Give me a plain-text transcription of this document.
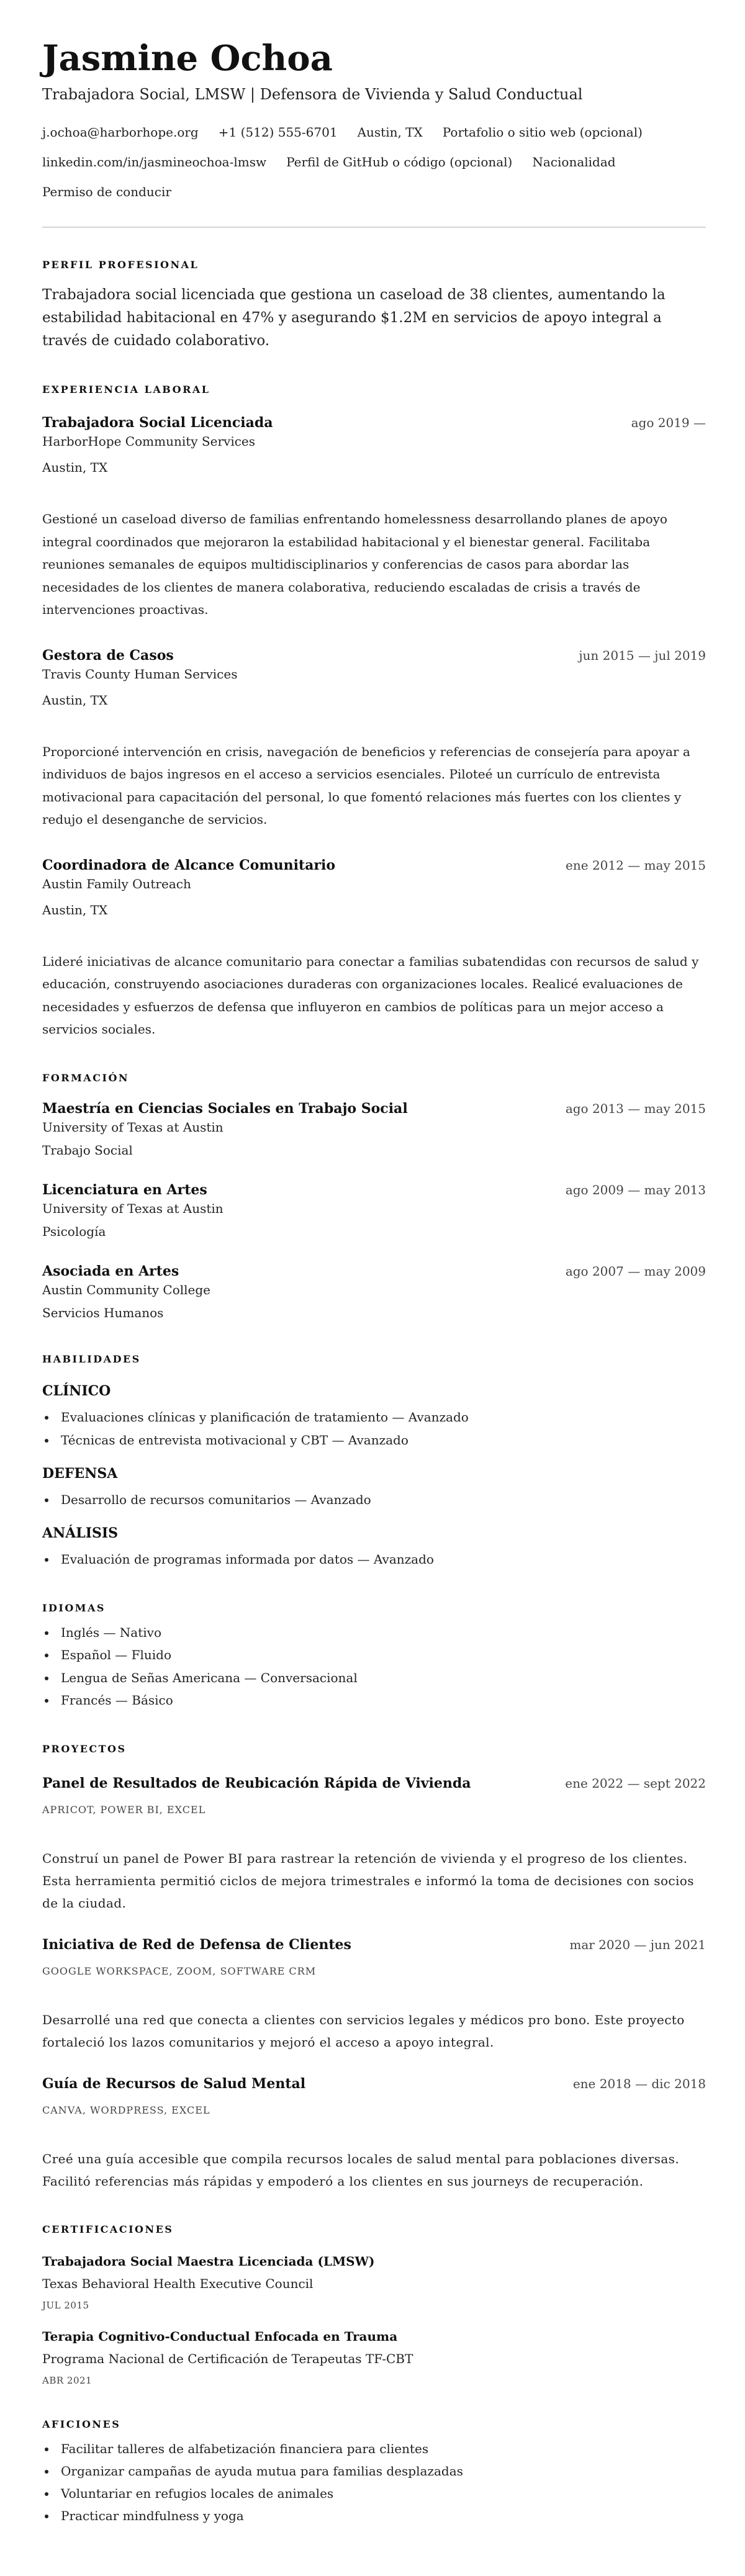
Jasmine Ochoa
Trabajadora Social, LMSW | Defensora de Vivienda y Salud Conductual
j.ochoa@harborhope.org +1 (512) 555-6701 Austin, TX Portafolio o sitio web (opcional)
linkedin.com/in/jasmineochoa-lmsw Perfil de GitHub o código (opcional) Nacionalidad
Permiso de conducir
PERFIL PROFESIONAL
Trabajadora social licenciada que gestiona un caseload de 38 clientes, aumentando la estabilidad habitacional en 47% y asegurando $1.2M en servicios de apoyo integral a través de cuidado colaborativo.
EXPERIENCIA LABORAL
Trabajadora Social Licenciada	ago 2019 —
HarborHope Community Services
Austin, TX
Gestioné un caseload diverso de familias enfrentando homelessness desarrollando planes de apoyo integral coordinados que mejoraron la estabilidad habitacional y el bienestar general. Facilitaba reuniones semanales de equipos multidisciplinarios y conferencias de casos para abordar las necesidades de los clientes de manera colaborativa, reduciendo escaladas de crisis a través de intervenciones proactivas.
Gestora de Casos	jun 2015 — jul 2019
Travis County Human Services
Austin, TX
Proporcioné intervención en crisis, navegación de beneficios y referencias de consejería para apoyar a individuos de bajos ingresos en el acceso a servicios esenciales. Piloteé un currículo de entrevista motivacional para capacitación del personal, lo que fomentó relaciones más fuertes con los clientes y redujo el desenganche de servicios.
Coordinadora de Alcance Comunitario	ene 2012 — may 2015
Austin Family Outreach
Austin, TX
Lideré iniciativas de alcance comunitario para conectar a familias subatendidas con recursos de salud y educación, construyendo asociaciones duraderas con organizaciones locales. Realicé evaluaciones de necesidades y esfuerzos de defensa que influyeron en cambios de políticas para un mejor acceso a servicios sociales.
FORMACIÓN
Maestría en Ciencias Sociales en Trabajo Social	ago 2013 — may 2015
University of Texas at Austin
Trabajo Social
Licenciatura en Artes	ago 2009 — may 2013
University of Texas at Austin
Psicología
Asociada en Artes	ago 2007 — may 2009
Austin Community College
Servicios Humanos
HABILIDADES
CLÍNICO
Evaluaciones clínicas y planificación de tratamiento — Avanzado
Técnicas de entrevista motivacional y CBT — Avanzado
DEFENSA
Desarrollo de recursos comunitarios — Avanzado
ANÁLISIS
Evaluación de programas informada por datos — Avanzado
IDIOMAS
Inglés — Nativo
Español — Fluido
Lengua de Señas Americana — Conversacional
Francés — Básico
PROYECTOS
Panel de Resultados de Reubicación Rápida de Vivienda	ene 2022 — sept 2022
APRICOT, POWER BI, EXCEL
Construí un panel de Power BI para rastrear la retención de vivienda y el progreso de los clientes. Esta herramienta permitió ciclos de mejora trimestrales e informó la toma de decisiones con socios de la ciudad.
Iniciativa de Red de Defensa de Clientes	mar 2020 — jun 2021
GOOGLE WORKSPACE, ZOOM, SOFTWARE CRM
Desarrollé una red que conecta a clientes con servicios legales y médicos pro bono. Este proyecto fortaleció los lazos comunitarios y mejoró el acceso a apoyo integral.
Guía de Recursos de Salud Mental	ene 2018 — dic 2018
CANVA, WORDPRESS, EXCEL
Creé una guía accesible que compila recursos locales de salud mental para poblaciones diversas. Facilitó referencias más rápidas y empoderó a los clientes en sus journeys de recuperación.
CERTIFICACIONES
Trabajadora Social Maestra Licenciada (LMSW)
Texas Behavioral Health Executive Council
JUL 2015
Terapia Cognitivo-Conductual Enfocada en Trauma
Programa Nacional de Certificación de Terapeutas TF-CBT
ABR 2021
AFICIONES
Facilitar talleres de alfabetización financiera para clientes
Organizar campañas de ayuda mutua para familias desplazadas
Voluntariar en refugios locales de animales
Practicar mindfulness y yoga
